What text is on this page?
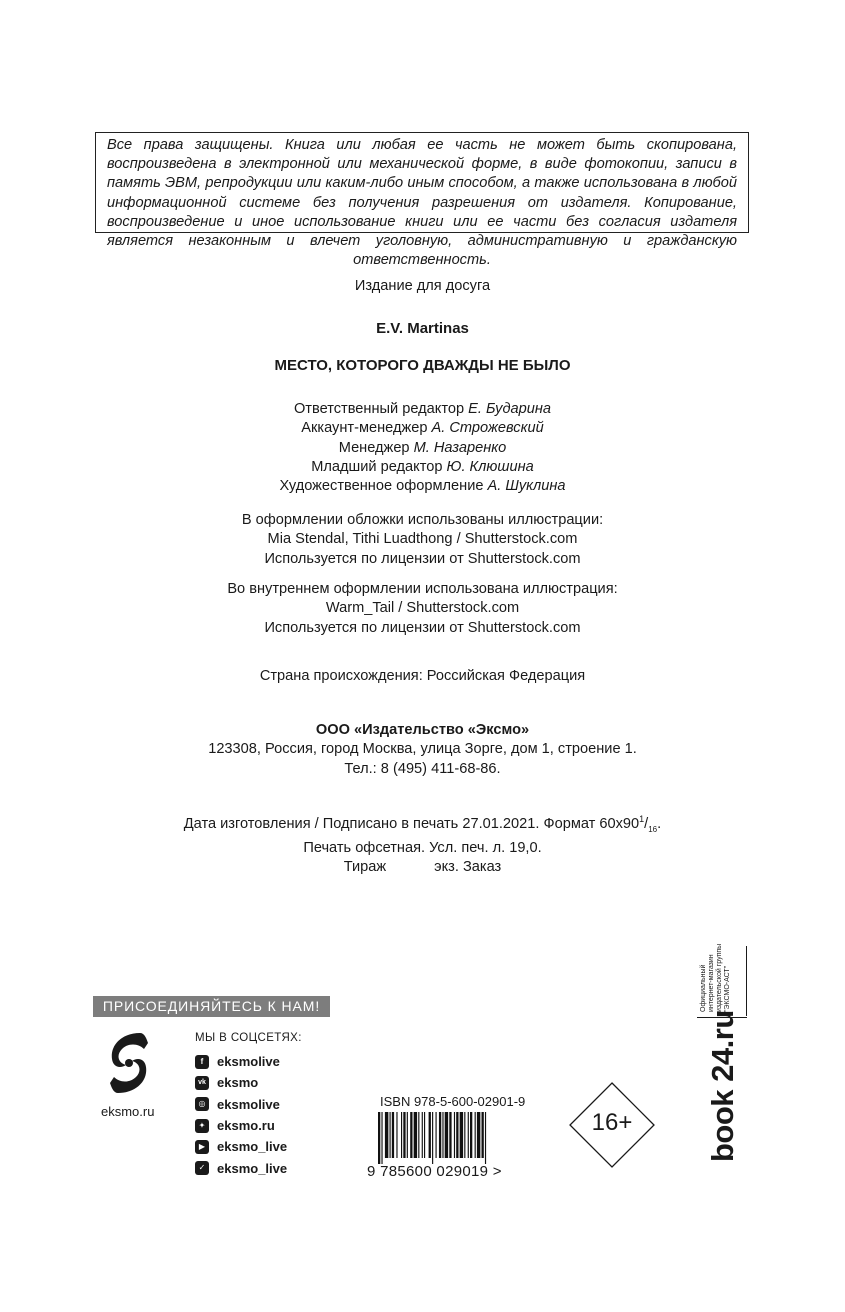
Все права защищены. Книга или любая ее часть не может быть скопирована, воспроизведена в электронной или механической форме, в виде фотокопии, записи в память ЭВМ, репродукции или каким-либо иным способом, а также использована в любой информационной системе без получения разрешения от издателя. Копирование, воспроизведение и иное использование книги или ее части без согласия издателя является незаконным и влечет уголовную, административную и гражданскую ответственность.
Издание для досуга
E.V. Martinas
МЕСТО, КОТОРОГО ДВАЖДЫ НЕ БЫЛО
Ответственный редактор Е. Бударина
Аккаунт-менеджер А. Строжевский
Менеджер М. Назаренко
Младший редактор Ю. Клюшина
Художественное оформление А. Шуклина
В оформлении обложки использованы иллюстрации:
Mia Stendal, Tithi Luadthong / Shutterstock.com
Используется по лицензии от Shutterstock.com
Во внутреннем оформлении использована иллюстрация:
Warm_Tail / Shutterstock.com
Используется по лицензии от Shutterstock.com
Страна происхождения: Российская Федерация
ООО «Издательство «Эксмо»
123308, Россия, город Москва, улица Зорге, дом 1, строение 1.
Тел.: 8 (495) 411-68-86.
Дата изготовления / Подписано в печать 27.01.2021. Формат $60х90^1/_{16}$.
Печать офсетная. Усл. печ. л. 19,0.
Тираж	экз. Заказ
ПРИСОЕДИНЯЙТЕСЬ К НАМ!
eksmo.ru
МЫ В СОЦСЕТЯХ:
f	eksmolive
vk eksmo
◎ eksmolive
✦ eksmo.ru
▶ eksmo_live
✓ eksmo_live
ISBN 978-5-600-02901-9
9 785600 029019 >
16+
Официальный интернет-магазин издательской группы "ЭКСМО-АСТ"
book 24.ru
